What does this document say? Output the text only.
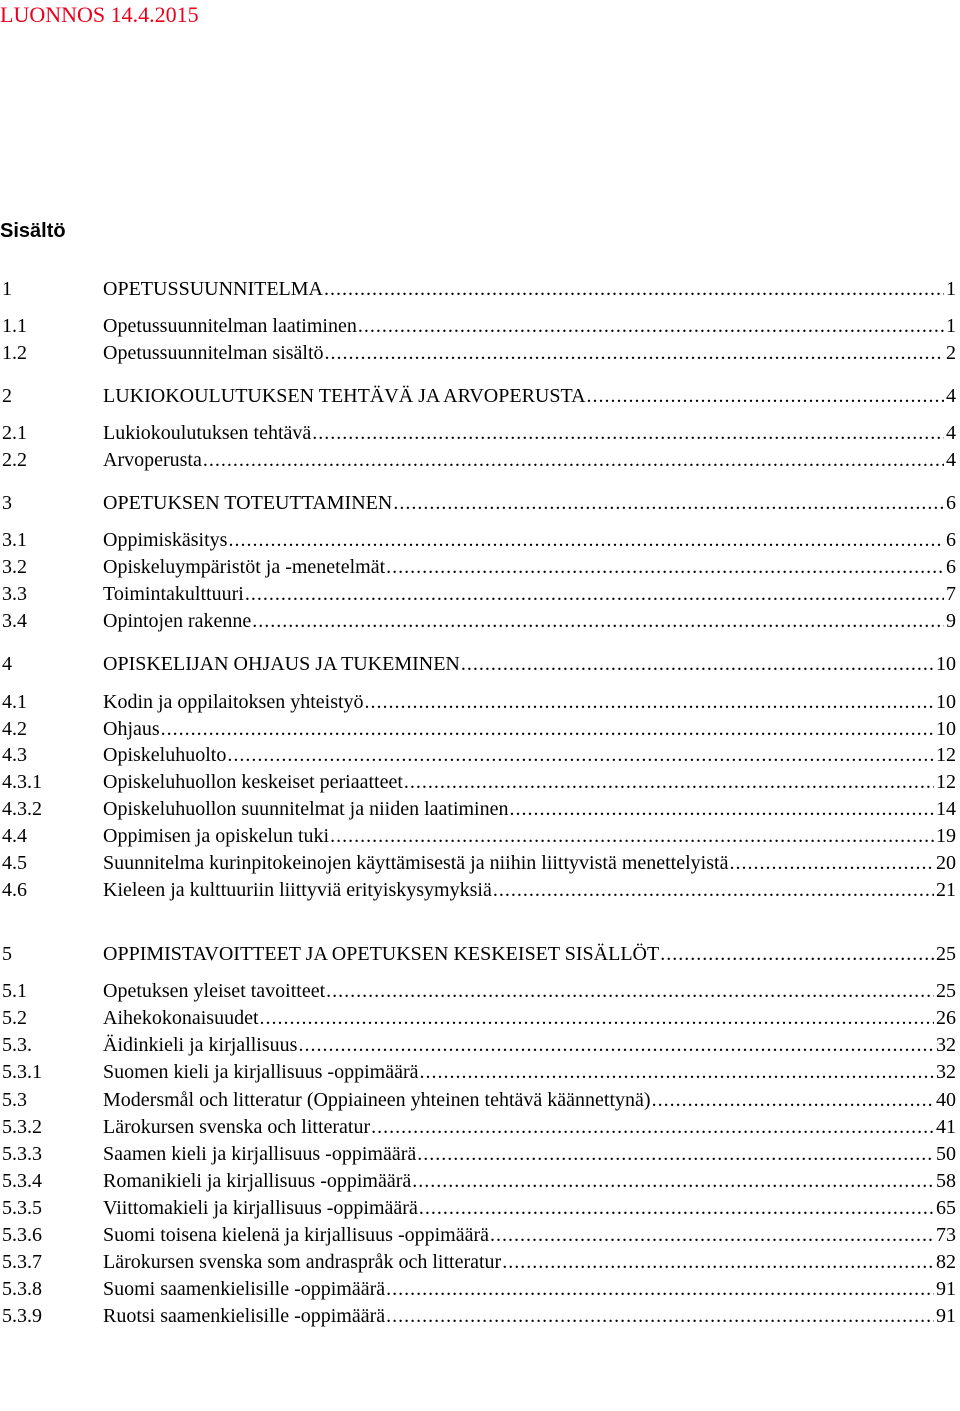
LUONNOS 14.4.2015
Sisältö
1	OPETUSSUUNNITELMA .....	1
1.1	Opetussuunnitelman laatiminen .....	1
1.2	Opetussuunnitelman sisältö .....	2
2	LUKIOKOULUTUKSEN TEHTÄVÄ JA ARVOPERUSTA .....	4
2.1	Lukiokoulutuksen tehtävä .....	4
2.2	Arvoperusta .....	4
3	OPETUKSEN TOTEUTTAMINEN .....	6
3.1	Oppimiskäsitys .....	6
3.2	Opiskeluympäristöt ja -menetelmät .....	6
3.3	Toimintakulttuuri .....	7
3.4	Opintojen rakenne .....	9
4	OPISKELIJAN OHJAUS JA TUKEMINEN .....	10
4.1	Kodin ja oppilaitoksen yhteistyö .....	10
4.2	Ohjaus .....	10
4.3	Opiskeluhuolto .....	12
4.3.1	Opiskeluhuollon keskeiset periaatteet .....	12
4.3.2	Opiskeluhuollon suunnitelmat ja niiden laatiminen .....	14
4.4	Oppimisen ja opiskelun tuki .....	19
4.5	Suunnitelma kurinpitokeinojen käyttämisestä ja niihin liittyvistä menettelyistä .....	20
4.6	Kieleen ja kulttuuriin liittyviä erityiskysymyksiä .....	21
5	OPPIMISTAVOITTEET JA OPETUKSEN KESKEISET SISÄLLÖT .....	25
5.1	Opetuksen yleiset tavoitteet .....	25
5.2	Aihekokonaisuudet .....	26
5.3.	Äidinkieli ja kirjallisuus .....	32
5.3.1	Suomen kieli ja kirjallisuus -oppimäärä .....	32
5.3	Modersmål och litteratur (Oppiaineen yhteinen tehtävä käännettynä) .....	40
5.3.2	Lärokursen svenska och litteratur .....	41
5.3.3	Saamen kieli ja kirjallisuus -oppimäärä .....	50
5.3.4	Romanikieli ja kirjallisuus -oppimäärä .....	58
5.3.5	Viittomakieli ja kirjallisuus -oppimäärä .....	65
5.3.6	Suomi toisena kielenä ja kirjallisuus -oppimäärä .....	73
5.3.7	Lärokursen svenska som andraspråk och litteratur .....	82
5.3.8	Suomi saamenkielisille -oppimäärä .....	91
5.3.9	Ruotsi saamenkielisille -oppimäärä .....	91
